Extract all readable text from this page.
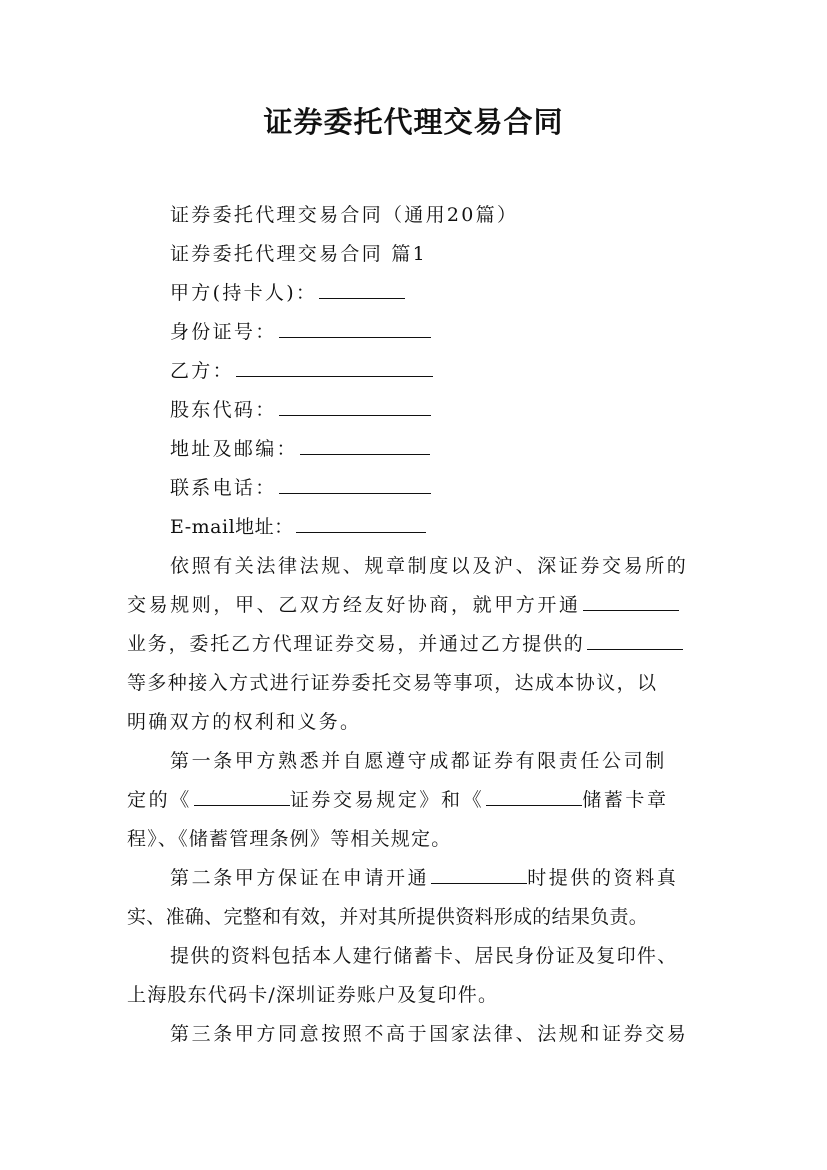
证券委托代理交易合同
证券委托代理交易合同（通用20篇）
证券委托代理交易合同 篇1
甲方(持卡人)：
身份证号：
乙方：
股东代码：
地址及邮编：
联系电话：
E-mail地址：
依照有关法律法规、规章制度以及沪、深证券交易所的
交易规则，甲、乙双方经友好协商，就甲方开通
业务，委托乙方代理证券交易，并通过乙方提供的
等多种接入方式进行证券委托交易等事项，达成本协议，以
明确双方的权利和义务。
第一条甲方熟悉并自愿遵守成都证券有限责任公司制
定的《	证券交易规定》和《	储蓄卡章
程》、《储蓄管理条例》等相关规定。
第二条甲方保证在申请开通	时提供的资料真
实、准确、完整和有效，并对其所提供资料形成的结果负责。
提供的资料包括本人建行储蓄卡、居民身份证及复印件、
上海股东代码卡/深圳证券账户及复印件。
第三条甲方同意按照不高于国家法律、法规和证券交易
